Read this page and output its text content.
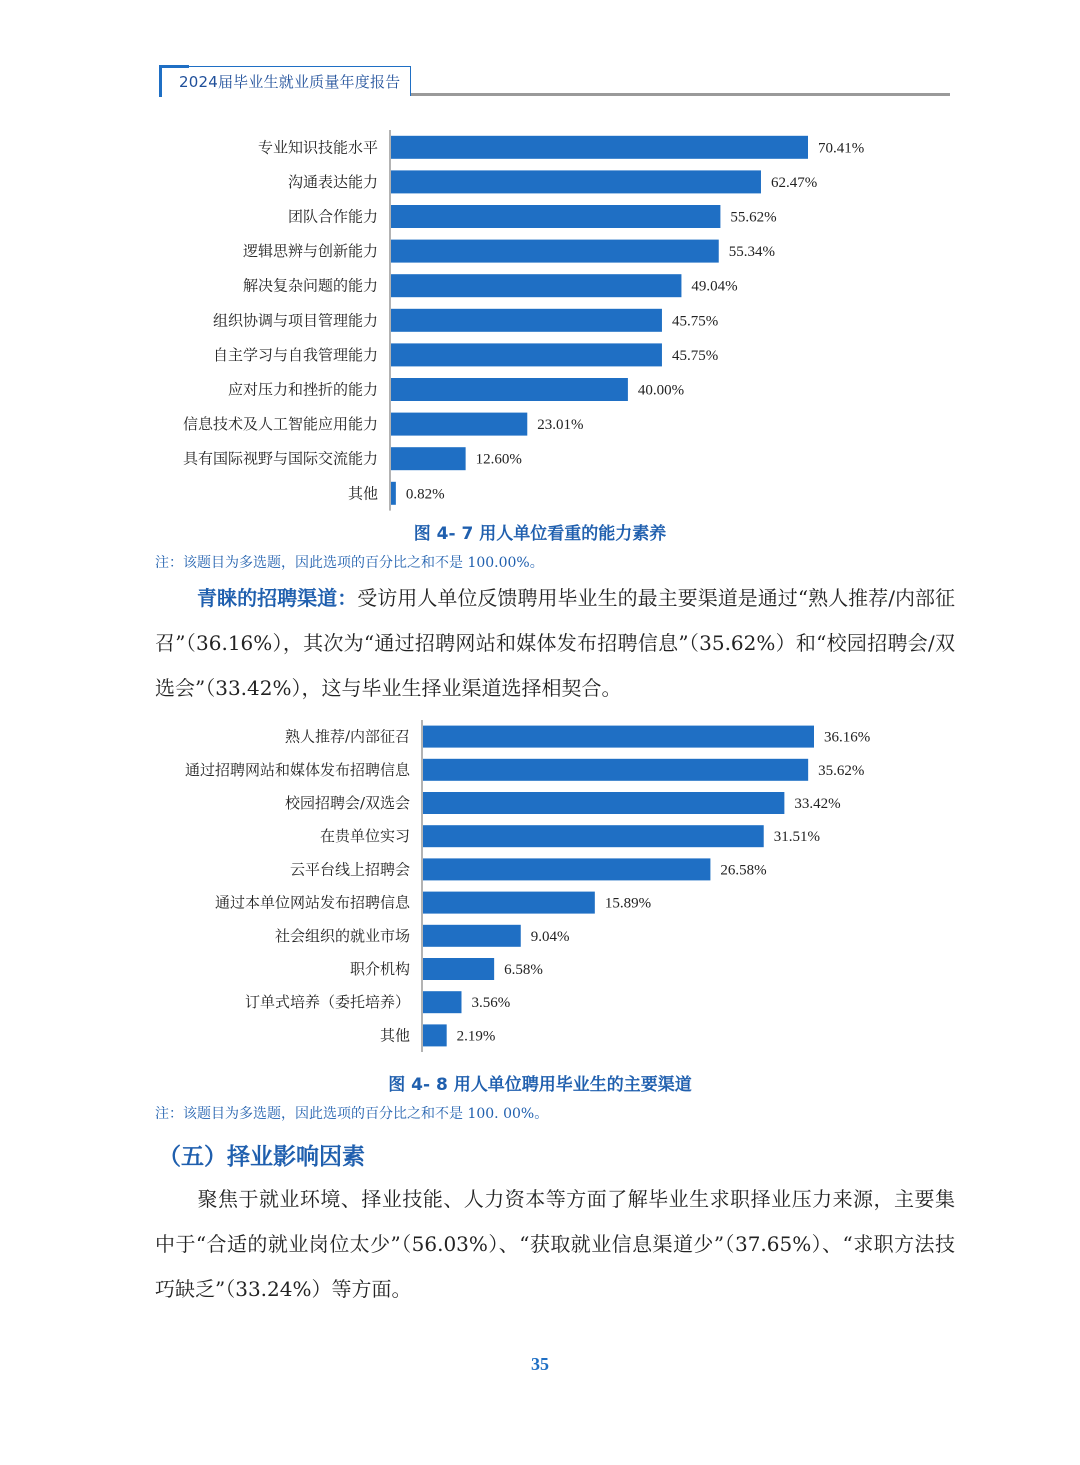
2024届毕业生就业质量年度报告
专业知识技能水平	70.41%
沟通表达能力	62.47%
团队合作能力	55.62%
逻辑思辨与创新能力	55.34%
解决复杂问题的能力	49.04%
组织协调与项目管理能力	45.75%
自主学习与自我管理能力	45.75%
应对压力和挫折的能力	40.00%
信息技术及人工智能应用能力	23.01%
具有国际视野与国际交流能力	12.60%
其他 0.82%
图 4- 7 用人单位看重的能力素养
注：该题目为多选题，因此选项的百分比之和不是 100.00%。
青睐的招聘渠道：受访用人单位反馈聘用毕业生的最主要渠道是通过“熟人推荐/内部征召”（36.16%），其次为“通过招聘网站和媒体发布招聘信息”（35.62%）和“校园招聘会/双选会”（33.42%），这与毕业生择业渠道选择相契合。
熟人推荐/内部征召	36.16%
通过招聘网站和媒体发布招聘信息	35.62%
校园招聘会/双选会	33.42%
在贵单位实习	31.51%
云平台线上招聘会	26.58%
通过本单位网站发布招聘信息	15.89%
社会组织的就业市场	9.04%
职介机构	6.58%
订单式培养（委托培养）	3.56%
其他	2.19%
图 4- 8 用人单位聘用毕业生的主要渠道
注：该题目为多选题，因此选项的百分比之和不是 100. 00%。
（五）择业影响因素
聚焦于就业环境、择业技能、人力资本等方面了解毕业生求职择业压力来源，主要集中于“合适的就业岗位太少”（56.03%）、“获取就业信息渠道少”（37.65%）、“求职方法技巧缺乏”（33.24%）等方面。
35
